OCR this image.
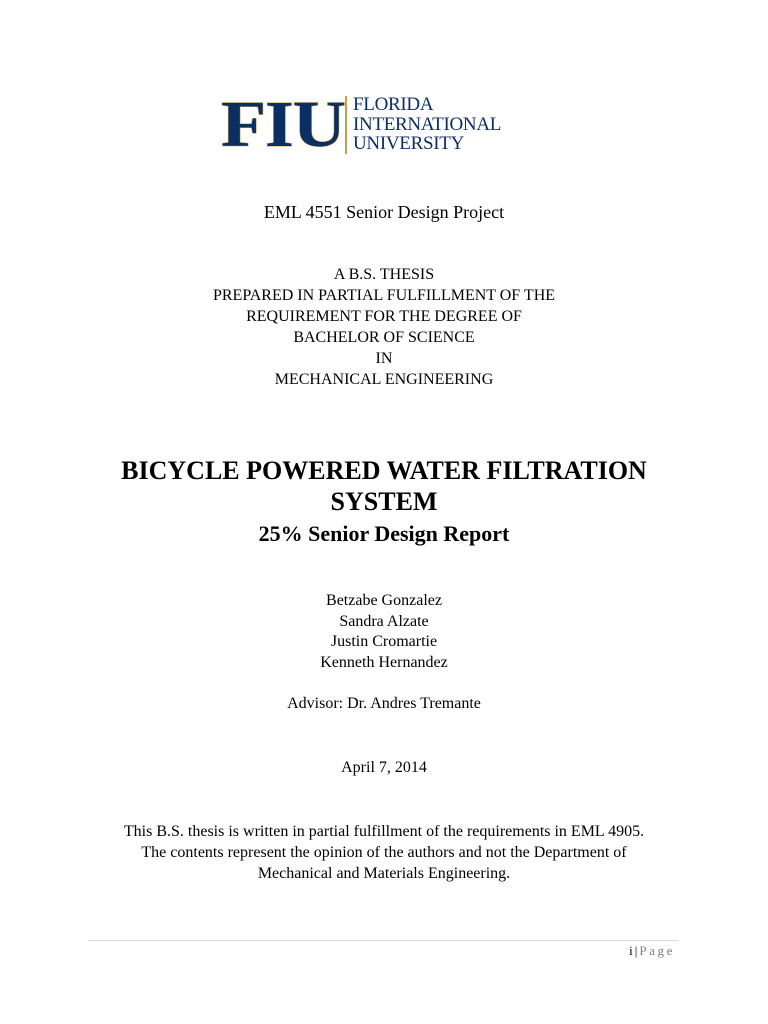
FIU FLORIDA
INTERNATIONAL
UNIVERSITY
EML 4551 Senior Design Project
A B.S. THESIS
PREPARED IN PARTIAL FULFILLMENT OF THE
REQUIREMENT FOR THE DEGREE OF
BACHELOR OF SCIENCE
IN
MECHANICAL ENGINEERING
BICYCLE POWERED WATER FILTRATION
SYSTEM
25% Senior Design Report
Betzabe Gonzalez
Sandra Alzate
Justin Cromartie
Kenneth Hernandez
Advisor: Dr. Andres Tremante
April 7, 2014
This B.S. thesis is written in partial fulfillment of the requirements in EML 4905.
The contents represent the opinion of the authors and not the Department of
Mechanical and Materials Engineering.
i | Page
